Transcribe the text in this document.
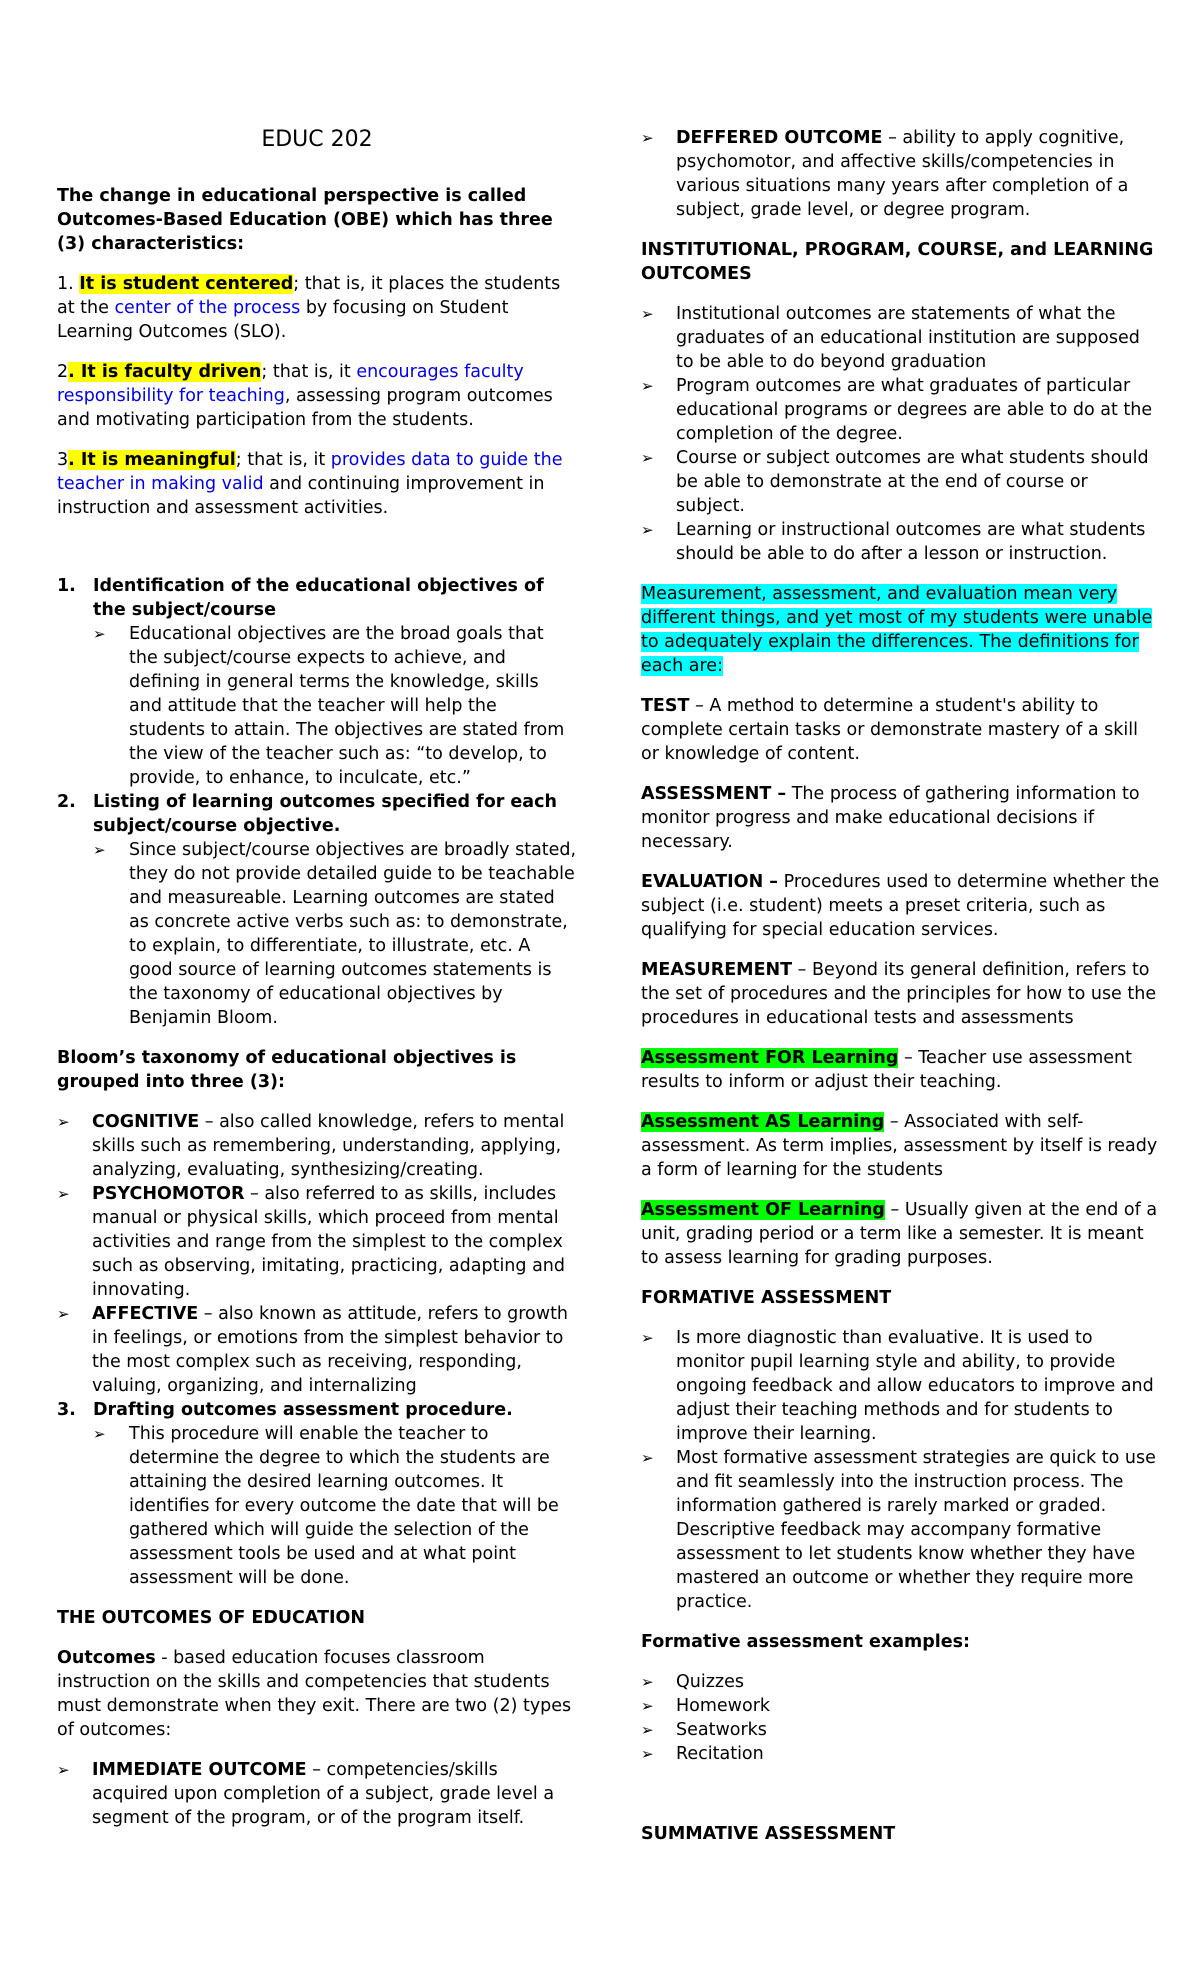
EDUC 202

The change in educational perspective is called Outcomes-Based Education (OBE) which has three (3) characteristics:

1. It is student centered; that is, it places the students at the center of the process by focusing on Student Learning Outcomes (SLO).

2. It is faculty driven; that is, it encourages faculty responsibility for teaching, assessing program outcomes and motivating participation from the students.

3. It is meaningful; that is, it provides data to guide the teacher in making valid and continuing improvement in instruction and assessment activities.

1. Identification of the educational objectives of the subject/course
➢ Educational objectives are the broad goals that the subject/course expects to achieve, and defining in general terms the knowledge, skills and attitude that the teacher will help the students to attain. The objectives are stated from the view of the teacher such as: “to develop, to provide, to enhance, to inculcate, etc.”
2. Listing of learning outcomes specified for each subject/course objective.
➢ Since subject/course objectives are broadly stated, they do not provide detailed guide to be teachable and measureable. Learning outcomes are stated as concrete active verbs such as: to demonstrate, to explain, to differentiate, to illustrate, etc. A good source of learning outcomes statements is the taxonomy of educational objectives by Benjamin Bloom.

Bloom’s taxonomy of educational objectives is grouped into three (3):

➢ COGNITIVE – also called knowledge, refers to mental skills such as remembering, understanding, applying, analyzing, evaluating, synthesizing/creating.
➢ PSYCHOMOTOR – also referred to as skills, includes manual or physical skills, which proceed from mental activities and range from the simplest to the complex such as observing, imitating, practicing, adapting and innovating.
➢ AFFECTIVE – also known as attitude, refers to growth in feelings, or emotions from the simplest behavior to the most complex such as receiving, responding, valuing, organizing, and internalizing
3. Drafting outcomes assessment procedure.
➢ This procedure will enable the teacher to determine the degree to which the students are attaining the desired learning outcomes. It identifies for every outcome the date that will be gathered which will guide the selection of the assessment tools be used and at what point assessment will be done.

THE OUTCOMES OF EDUCATION

Outcomes - based education focuses classroom instruction on the skills and competencies that students must demonstrate when they exit. There are two (2) types of outcomes:

➢ IMMEDIATE OUTCOME – competencies/skills acquired upon completion of a subject, grade level a segment of the program, or of the program itself.
➢ DEFFERED OUTCOME – ability to apply cognitive, psychomotor, and affective skills/competencies in various situations many years after completion of a subject, grade level, or degree program.

INSTITUTIONAL, PROGRAM, COURSE, and LEARNING OUTCOMES

➢ Institutional outcomes are statements of what the graduates of an educational institution are supposed to be able to do beyond graduation
➢ Program outcomes are what graduates of particular educational programs or degrees are able to do at the completion of the degree.
➢ Course or subject outcomes are what students should be able to demonstrate at the end of course or subject.
➢ Learning or instructional outcomes are what students should be able to do after a lesson or instruction.

Measurement, assessment, and evaluation mean very different things, and yet most of my students were unable to adequately explain the differences. The definitions for each are:

TEST – A method to determine a student's ability to complete certain tasks or demonstrate mastery of a skill or knowledge of content.

ASSESSMENT – The process of gathering information to monitor progress and make educational decisions if necessary.

EVALUATION – Procedures used to determine whether the subject (i.e. student) meets a preset criteria, such as qualifying for special education services.

MEASUREMENT – Beyond its general definition, refers to the set of procedures and the principles for how to use the procedures in educational tests and assessments

Assessment FOR Learning – Teacher use assessment results to inform or adjust their teaching.

Assessment AS Learning – Associated with self-assessment. As term implies, assessment by itself is ready a form of learning for the students

Assessment OF Learning – Usually given at the end of a unit, grading period or a term like a semester. It is meant to assess learning for grading purposes.

FORMATIVE ASSESSMENT

➢ Is more diagnostic than evaluative. It is used to monitor pupil learning style and ability, to provide ongoing feedback and allow educators to improve and adjust their teaching methods and for students to improve their learning.
➢ Most formative assessment strategies are quick to use and fit seamlessly into the instruction process. The information gathered is rarely marked or graded. Descriptive feedback may accompany formative assessment to let students know whether they have mastered an outcome or whether they require more practice.

Formative assessment examples:

➢ Quizzes
➢ Homework
➢ Seatworks
➢ Recitation

SUMMATIVE ASSESSMENT
